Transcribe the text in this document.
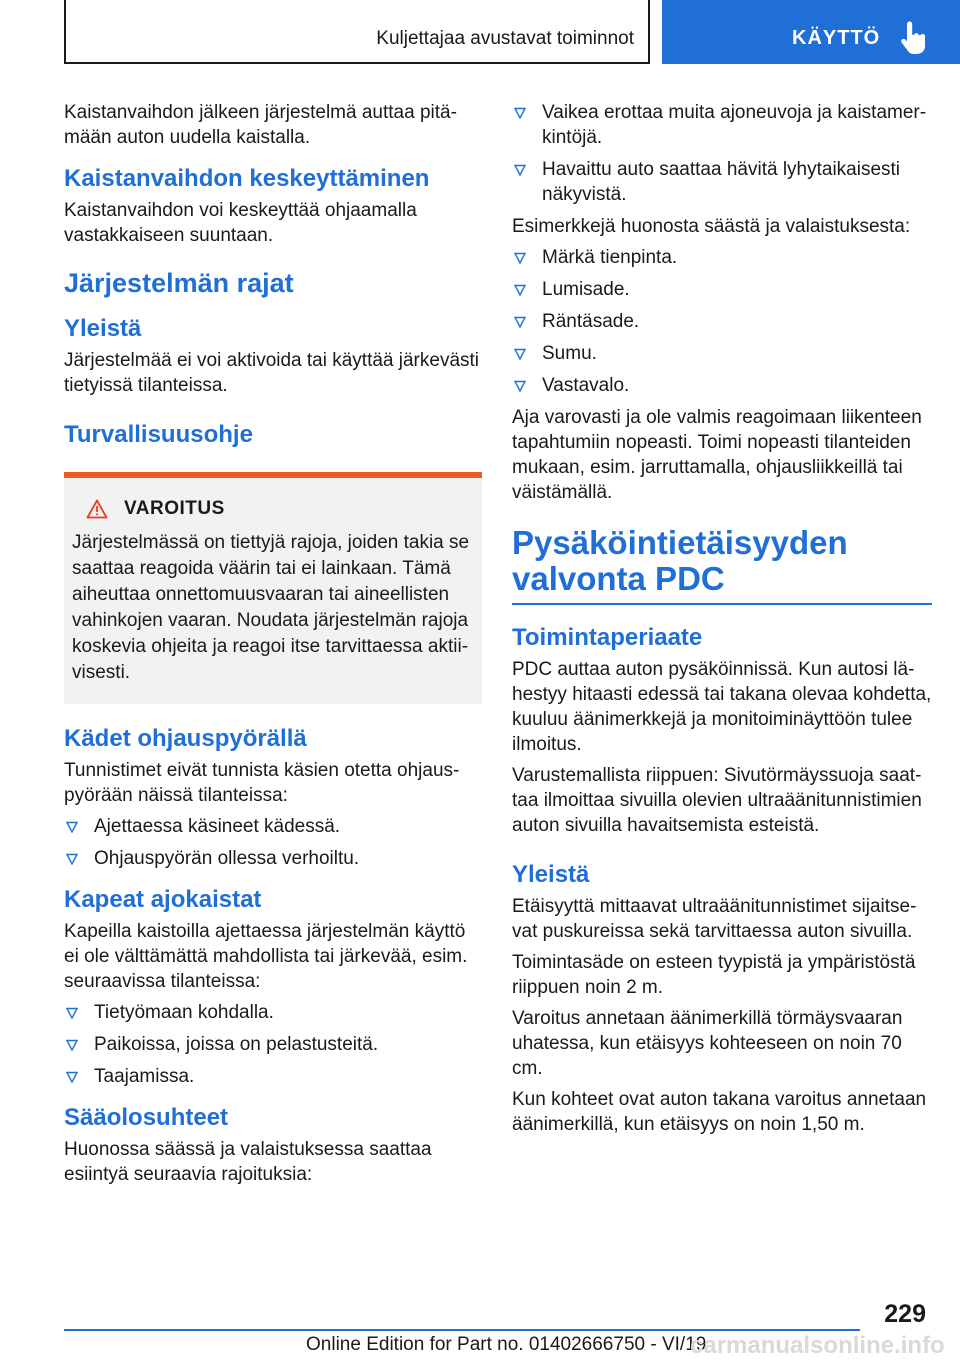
Kuljettajaa avustavat toiminnot	KÄYTTÖ

Kaistanvaihdon jälkeen järjestelmä auttaa pitämään auton uudella kaistalla.

Kaistanvaihdon keskeyttäminen

Kaistanvaihdon voi keskeyttää ohjaamalla vastakkaiseen suuntaan.

Järjestelmän rajat
Yleistä

Järjestelmää ei voi aktivoida tai käyttää järkevästi tietyissä tilanteissa.

Turvallisuusohje
VAROITUS

Järjestelmässä on tiettyjä rajoja, joiden takia se saattaa reagoida väärin tai ei lainkaan. Tämä aiheuttaa onnettomuusvaaran tai aineellisten vahinkojen vaaran. Noudata järjestelmän rajoja koskevia ohjeita ja reagoi itse tarvittaessa aktiivisesti.

Kädet ohjauspyörällä

Tunnistimet eivät tunnista käsien otetta ohjauspyörään näissä tilanteissa:

Ajettaessa käsineet kädessä.
Ohjauspyörän ollessa verhoiltu.
Kapeat ajokaistat

Kapeilla kaistoilla ajettaessa järjestelmän käyttö ei ole välttämättä mahdollista tai järkevää, esim. seuraavissa tilanteissa:

Tietyömaan kohdalla.
Paikoissa, joissa on pelastusteitä.
Taajamissa.
Sääolosuhteet

Huonossa säässä ja valaistuksessa saattaa esiintyä seuraavia rajoituksia:

Vaikea erottaa muita ajoneuvoja ja kaistamerkintöjä.
Havaittu auto saattaa hävitä lyhytaikaisesti näkyvistä.

Esimerkkejä huonosta säästä ja valaistuksesta:

Märkä tienpinta.
Lumisade.
Räntäsade.
Sumu.
Vastavalo.

Aja varovasti ja ole valmis reagoimaan liikenteen tapahtumiin nopeasti. Toimi nopeasti tilanteiden mukaan, esim. jarruttamalla, ohjausliikkeillä tai väistämällä.

Pysäköintietäisyyden
valvonta PDC
Toimintaperiaate

PDC auttaa auton pysäköinnissä. Kun autosi lähestyy hitaasti edessä tai takana olevaa kohdetta, kuuluu äänimerkkejä ja monitoiminäyttöön tulee ilmoitus.

Varustemallista riippuen: Sivutörmäyssuoja saattaa ilmoittaa sivuilla olevien ultraäänitunnistimien auton sivuilla havaitsemista esteistä.

Yleistä

Etäisyyttä mittaavat ultraäänitunnistimet sijaitsevat puskureissa sekä tarvittaessa auton sivuilla.

Toimintasäde on esteen tyypistä ja ympäristöstä riippuen noin 2 m.

Varoitus annetaan äänimerkillä törmäysvaaran uhatessa, kun etäisyys kohteeseen on noin 70 cm.

Kun kohteet ovat auton takana varoitus annetaan äänimerkillä, kun etäisyys on noin 1,50 m.

229
Online Edition for Part no. 01402666750 - VI/19
carmanualsonline.info
